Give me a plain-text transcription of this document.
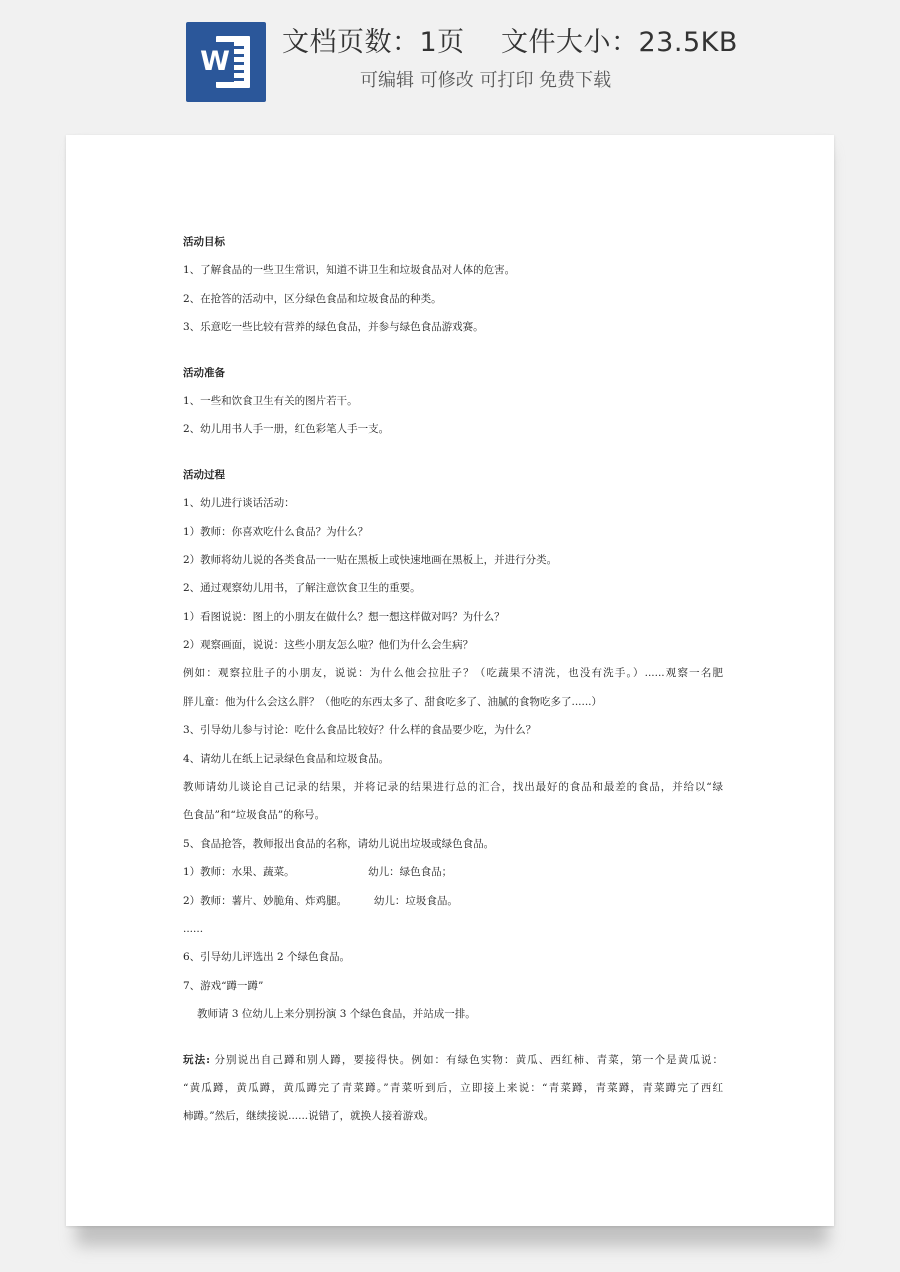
W
文档页数：1页    文件大小：23.5KB
可编辑 可修改 可打印 免费下载

活动目标

1、了解食品的一些卫生常识，知道不讲卫生和垃圾食品对人体的危害。

2、在抢答的活动中，区分绿色食品和垃圾食品的种类。

3、乐意吃一些比较有营养的绿色食品，并参与绿色食品游戏赛。

活动准备

1、一些和饮食卫生有关的图片若干。

2、幼儿用书人手一册，红色彩笔人手一支。

活动过程

1、幼儿进行谈话活动：

1）教师：你喜欢吃什么食品？为什么？

2）教师将幼儿说的各类食品一一贴在黑板上或快速地画在黑板上，并进行分类。

2、通过观察幼儿用书，了解注意饮食卫生的重要。

1）看图说说：图上的小朋友在做什么？想一想这样做对吗？为什么？

2）观察画面，说说：这些小朋友怎么啦？他们为什么会生病？

例如：观察拉肚子的小朋友，说说：为什么他会拉肚子？（吃蔬果不清洗，也没有洗手。）......观察一名肥

胖儿童：他为什么会这么胖？（他吃的东西太多了、甜食吃多了、油腻的食物吃多了......）

3、引导幼儿参与讨论：吃什么食品比较好？什么样的食品要少吃，为什么？

4、请幼儿在纸上记录绿色食品和垃圾食品。

教师请幼儿谈论自己记录的结果，并将记录的结果进行总的汇合，找出最好的食品和最差的食品，并给以“绿

色食品”和“垃圾食品”的称号。

5、食品抢答，教师报出食品的名称，请幼儿说出垃圾或绿色食品。

1）教师：水果、蔬菜。                      幼儿：绿色食品；

2）教师：薯片、妙脆角、炸鸡腿。        幼儿：垃圾食品。

......

6、引导幼儿评选出 2 个绿色食品。

7、游戏“蹲一蹲”

教师请 3 位幼儿上来分别扮演 3 个绿色食品，并站成一排。

玩法: 分别说出自己蹲和别人蹲，要接得快。例如：有绿色实物：黄瓜、西红柿、青菜，第一个是黄瓜说：

“黄瓜蹲，黄瓜蹲，黄瓜蹲完了青菜蹲。”青菜听到后，立即接上来说：“青菜蹲，青菜蹲，青菜蹲完了西红

柿蹲。”然后，继续接说......说错了，就换人接着游戏。
